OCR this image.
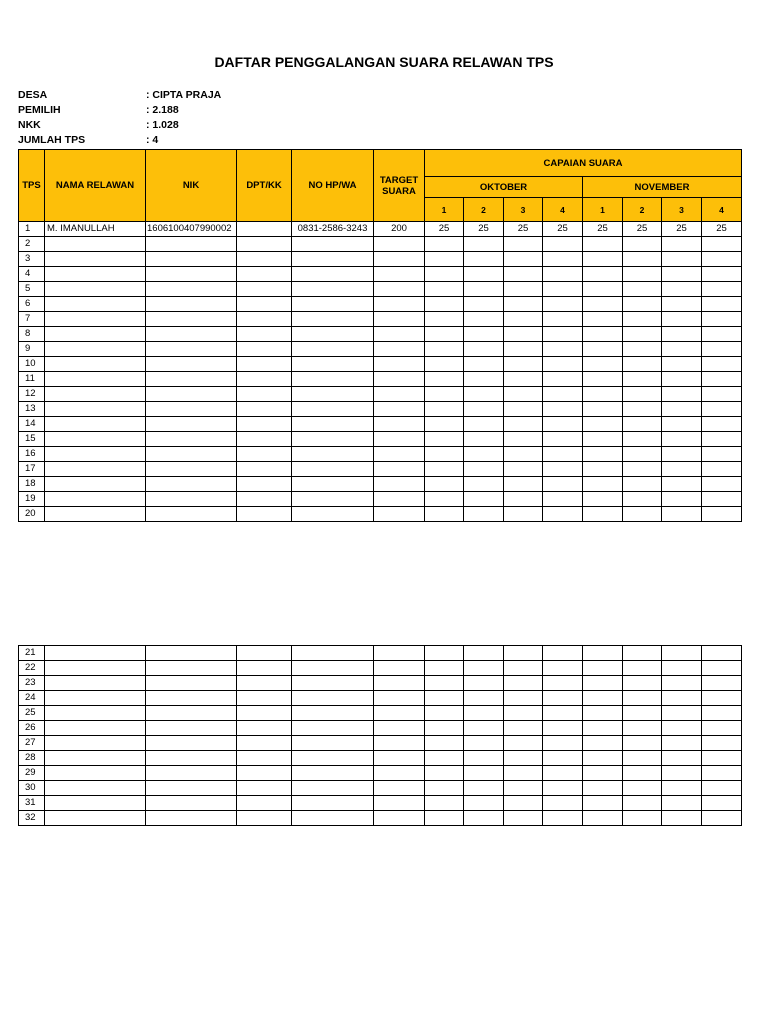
DAFTAR PENGGALANGAN SUARA RELAWAN TPS
DESA	: CIPTA PRAJA
PEMILIH	: 2.188
NKK	: 1.028
JUMLAH TPS	: 4
TPS	NAMA RELAWAN	NIK	DPT/KK	NO HP/WA	TARGET SUARA	CAPAIAN SUARA							
						OKTOBER				NOVEMBER			
						1	2	3	4	1	2	3	4
1	M. IMANULLAH	1606100407990002		0831-2586-3243	200	25	25	25	25	25	25	25	25
2													
3													
4													
5													
6													
7													
8													
9													
10													
11													
12													
13													
14													
15													
16													
17													
18													
19													
20													
21													
22													
23													
24													
25													
26													
27													
28													
29													
30													
31													
32													
